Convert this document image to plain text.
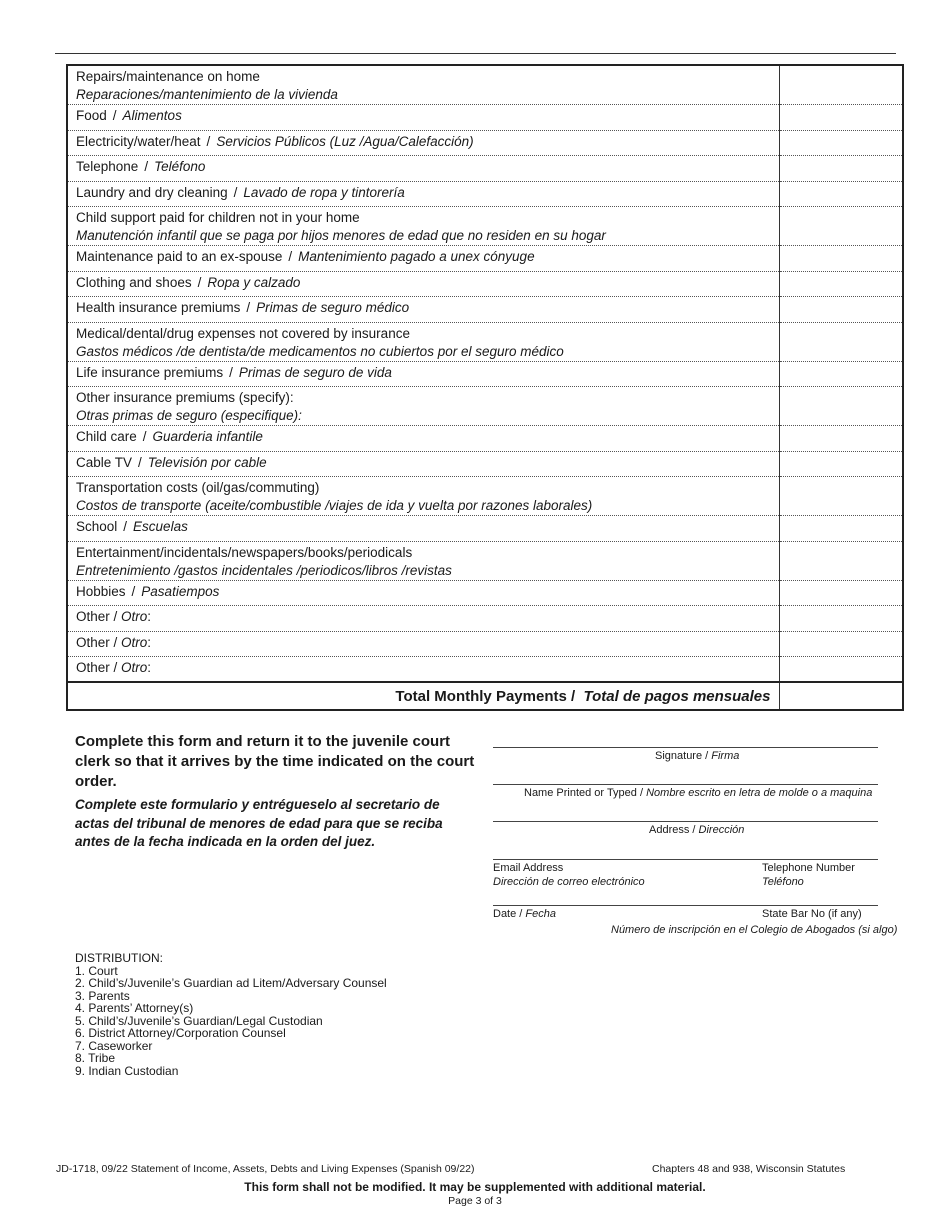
Repairs/maintenance on home
Reparaciones/mantenimiento de la vivienda	

Food / Alimentos	
Electricity/water/heat / Servicios Públicos (Luz /Agua/Calefacción)	
Telephone / Teléfono	
Laundry and dry cleaning / Lavado de ropa y tintorería	

Child support paid for children not in your home
Manutención infantil que se paga por hijos menores de edad que no residen en su hogar	

Maintenance paid to an ex-spouse / Mantenimiento pagado a unex cónyuge	
Clothing and shoes / Ropa y calzado	
Health insurance premiums / Primas de seguro médico	

Medical/dental/drug expenses not covered by insurance
Gastos médicos /de dentista/de medicamentos no cubiertos por el seguro médico	

Life insurance premiums / Primas de seguro de vida	

Other insurance premiums (specify):
Otras primas de seguro (especifique):	

Child care / Guarderia infantile	
Cable TV / Televisión por cable	

Transportation costs (oil/gas/commuting)
Costos de transporte (aceite/combustible /viajes de ida y vuelta por razones laborales)	

School / Escuelas	

Entertainment/incidentals/newspapers/books/periodicals
Entretenimiento /gastos incidentales /periodicos/libros /revistas	

Hobbies / Pasatiempos	
Other / Otro:	
Other / Otro:	
Other / Otro:	
Total Monthly Payments / Total de pagos mensuales	
Complete this form and return it to the juvenile court clerk so that it arrives by the time indicated on the court order.
Complete este formulario y entrégueselo al secretario de actas del tribunal de menores de edad para que se reciba antes de la fecha indicada en la orden del juez.
Signature / Firma
Name Printed or Typed / Nombre escrito en letra de molde o a maquina
Address / Dirección
Email Address
Dirección de correo electrónico
Telephone Number
Teléfono
Date / Fecha	State Bar No (if any)
Número de inscripción en el Colegio de Abogados (si algo)
DISTRIBUTION:
1. Court
2. Child’s/Juvenile’s Guardian ad Litem/Adversary Counsel
3. Parents
4. Parents’ Attorney(s)
5. Child’s/Juvenile’s Guardian/Legal Custodian
6. District Attorney/Corporation Counsel
7. Caseworker
8. Tribe
9. Indian Custodian
JD-1718, 09/22 Statement of Income, Assets, Debts and Living Expenses (Spanish 09/22)	Chapters 48 and 938, Wisconsin Statutes
This form shall not be modified. It may be supplemented with additional material.
Page 3 of 3
